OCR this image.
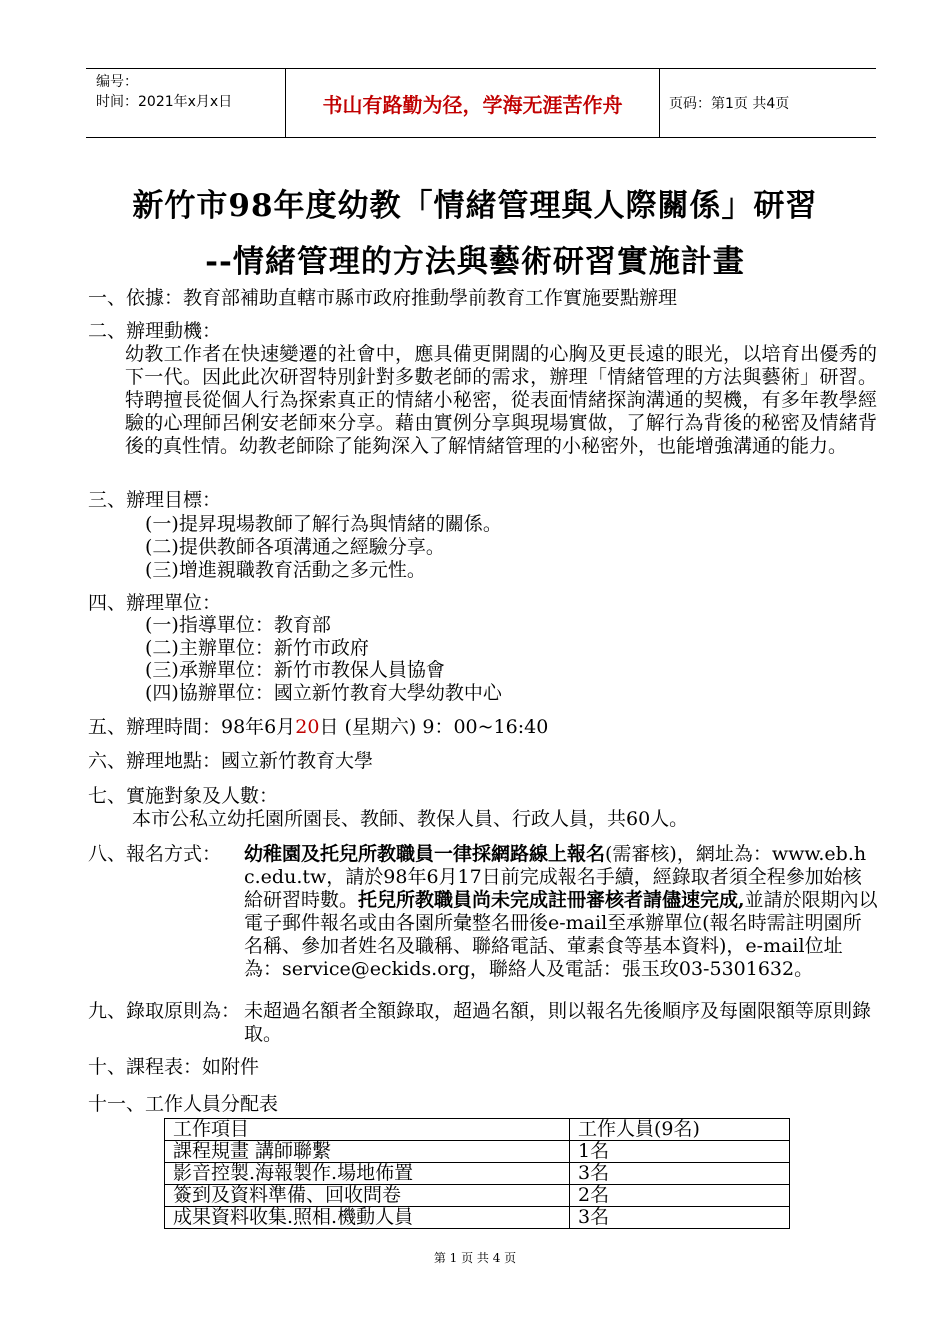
编号：
时间：2021年x月x日	书山有路勤为径，学海无涯苦作舟	页码：第1页 共4页
新竹市98年度幼教「情緒管理與人際關係」研習
--情緒管理的方法與藝術研習實施計畫
一、依據：教育部補助直轄市縣市政府推動學前教育工作實施要點辦理
二、辦理動機：
幼教工作者在快速變遷的社會中，應具備更開闊的心胸及更長遠的眼光，以培育出優秀的下一代。因此此次研習特別針對多數老師的需求，辦理「情緒管理的方法與藝術」研習。特聘擅長從個人行為探索真正的情緒小秘密，從表面情緒探詢溝通的契機，有多年教學經驗的心理師呂俐安老師來分享。藉由實例分享與現場實做，了解行為背後的秘密及情緒背後的真性情。幼教老師除了能夠深入了解情緒管理的小秘密外，也能增強溝通的能力。
三、辦理目標：
(一)提昇現場教師了解行為與情緒的關係。
(二)提供教師各項溝通之經驗分享。
(三)增進親職教育活動之多元性。
四、辦理單位：
(一)指導單位：教育部
(二)主辦單位：新竹市政府
(三)承辦單位：新竹市教保人員協會
(四)協辦單位：國立新竹教育大學幼教中心
五、辦理時間：98年6月20日 (星期六) 9：00~16:40
六、辦理地點：國立新竹教育大學
七、實施對象及人數：
本市公私立幼托園所園長、教師、教保人員、行政人員，共60人。
八、報名方式： 幼稚園及托兒所教職員一律採網路線上報名(需審核)，網址為：www.eb.hc.edu.tw，請於98年6月17日前完成報名手續，經錄取者須全程參加始核給研習時數。托兒所教職員尚未完成註冊審核者請儘速完成,並請於限期內以電子郵件報名或由各園所彙整名冊後e-mail至承辦單位(報名時需註明園所名稱、參加者姓名及職稱、聯絡電話、葷素食等基本資料)，e-mail位址為：service@eckids.org，聯絡人及電話：張玉玫03-5301632。
九、錄取原則為： 未超過名額者全額錄取，超過名額，則以報名先後順序及每園限額等原則錄取。
十、課程表：如附件
十一、工作人員分配表
工作項目	工作人員(9名)
課程規畫 講師聯繫	1名
影音控製.海報製作.場地佈置	3名
簽到及資料準備、回收問卷	2名
成果資料收集.照相.機動人員	3名
第 1 页 共 4 页
